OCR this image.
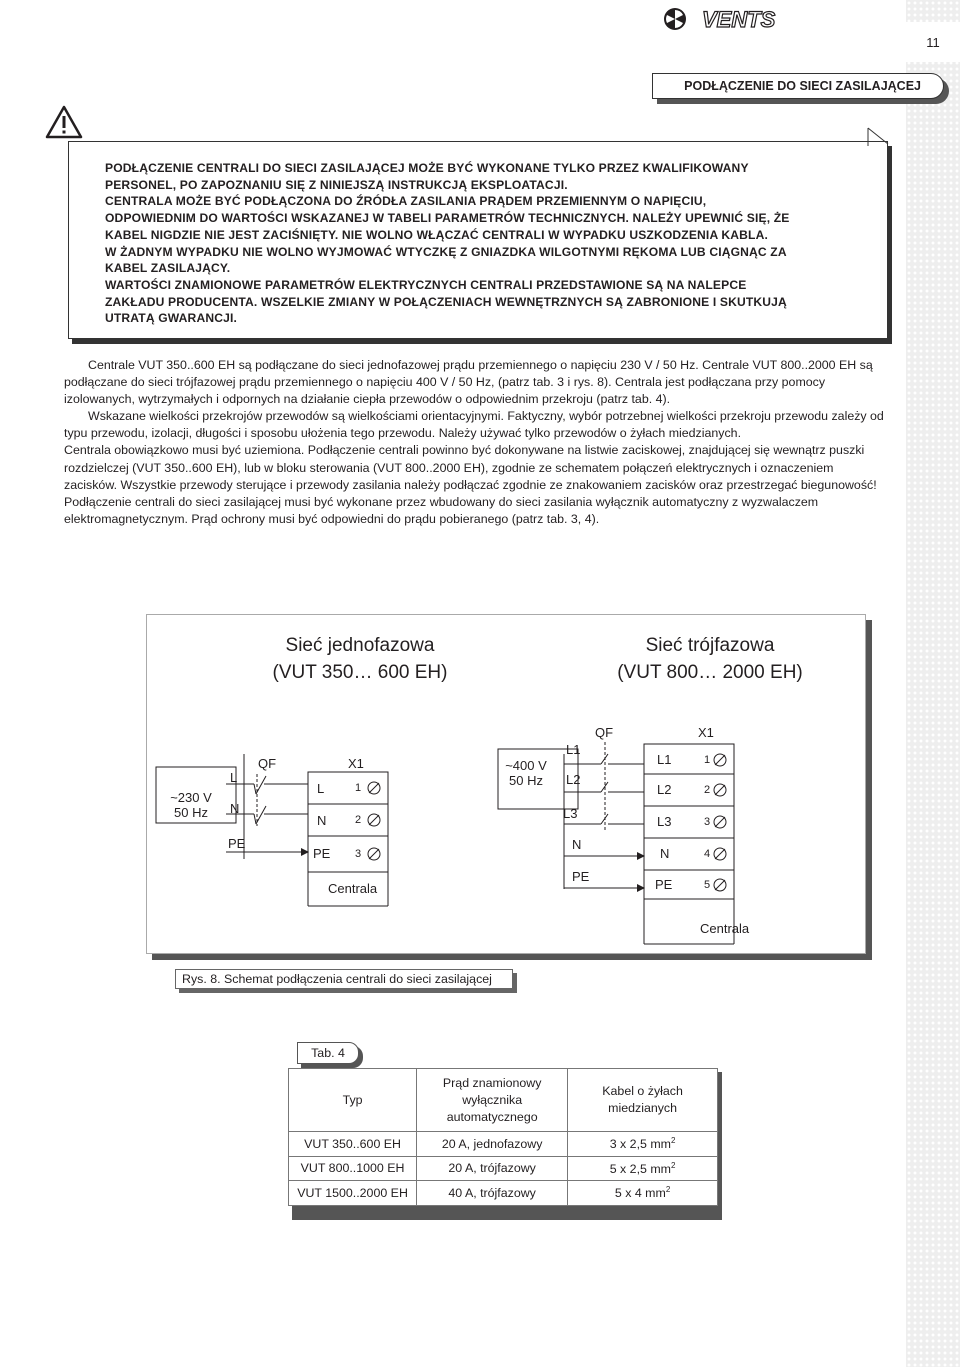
11
VENTS
PODŁĄCZENIE DO SIECI ZASILAJĄCEJ
PODŁĄCZENIE CENTRALI DO SIECI ZASILAJĄCEJ MOŻE BYĆ WYKONANE TYLKO PRZEZ KWALIFIKOWANY
PERSONEL, PO ZAPOZNANIU SIĘ Z NINIEJSZĄ INSTRUKCJĄ EKSPLOATACJI.
CENTRALA MOŻE BYĆ PODŁĄCZONA DO ŹRÓDŁA ZASILANIA PRĄDEM PRZEMIENNYM O NAPIĘCIU,
ODPOWIEDNIM DO WARTOŚCI WSKAZANEJ W TABELI PARAMETRÓW TECHNICZNYCH. NALEŻY UPEWNIĆ SIĘ, ŻE
KABEL NIGDZIE NIE JEST ZACIŚNIĘTY. NIE WOLNO WŁĄCZAĆ CENTRALI W WYPADKU USZKODZENIA KABLA.
W ŻADNYM WYPADKU NIE WOLNO WYJMOWAĆ WTYCZKĘ Z GNIAZDKA WILGOTNYMI RĘKOMA LUB CIĄGNĄC ZA
KABEL ZASILAJĄCY.
WARTOŚCI ZNAMIONOWE PARAMETRÓW ELEKTRYCZNYCH CENTRALI PRZEDSTAWIONE SĄ NA NALEPCE
ZAKŁADU PRODUCENTA. WSZELKIE ZMIANY W POŁĄCZENIACH WEWNĘTRZNYCH SĄ ZABRONIONE I SKUTKUJĄ
UTRATĄ GWARANCJI.

Centrale VUT 350..600 EH są podłączane do sieci jednofazowej prądu przemiennego o napięciu 230 V / 50 Hz. Centrale VUT 800..2000 EH są podłączane do sieci trójfazowej prądu przemiennego o napięciu 400 V / 50 Hz, (patrz tab. 3 i rys. 8). Centrala jest podłączana przy pomocy izolowanych, wytrzymałych i odpornych na działanie ciepła przewodów o odpowiednim przekroju (patrz tab. 4).

Wskazane wielkości przekrojów przewodów są wielkościami orientacyjnymi. Faktyczny, wybór potrzebnej wielkości przekroju przewodu zależy od typu przewodu, izolacji, długości i sposobu ułożenia tego przewodu. Należy używać tylko przewodów o żyłach miedzianych.

Centrala obowiązkowo musi być uziemiona. Podłączenie centrali powinno być dokonywane na listwie zaciskowej, znajdującej się wewnątrz puszki rozdzielczej (VUT 350..600 EH), lub w bloku sterowania (VUT 800..2000 EH), zgodnie ze schematem połączeń elektrycznych i oznaczeniem zacisków. Wszystkie przewody sterujące i przewody zasilania należy podłączać zgodnie ze znakowaniem zacisków oraz przestrzegać biegunowość! Podłączenie centrali do sieci zasilającej musi być wykonane przez wbudowany do sieci zasilania wyłącznik automatyczny z wyzwalaczem elektromagnetycznym. Prąd ochrony musi być odpowiedni do prądu pobieranego (patrz tab. 3, 4).

Sieć jednofazowa
(VUT 350… 600 EH)
Sieć trójfazowa
(VUT 800… 2000 EH)
~230 V
50 Hz
L
N
PE
QF	X1
L
N
PE
1
2
3
Centrala
~400 V
50 Hz
L1
L2
L3
N
PE
QF	X1
L1
L2
L3
N
PE
1
2
3
4
5
Centrala
Rys. 8. Schemat podłączenia centrali do sieci zasilającej
Tab. 4
Typ	Prąd znamionowy wyłącznika automatycznego	Kabel o żyłach miedzianych
VUT 350..600 EH	20 A, jednofazowy	3 x 2,5 $mm^2$
VUT 800..1000 EH	20 A, trójfazowy	5 x 2,5 $mm^2$
VUT 1500..2000 EH	40 A, trójfazowy	5 x 4 $mm^2$
